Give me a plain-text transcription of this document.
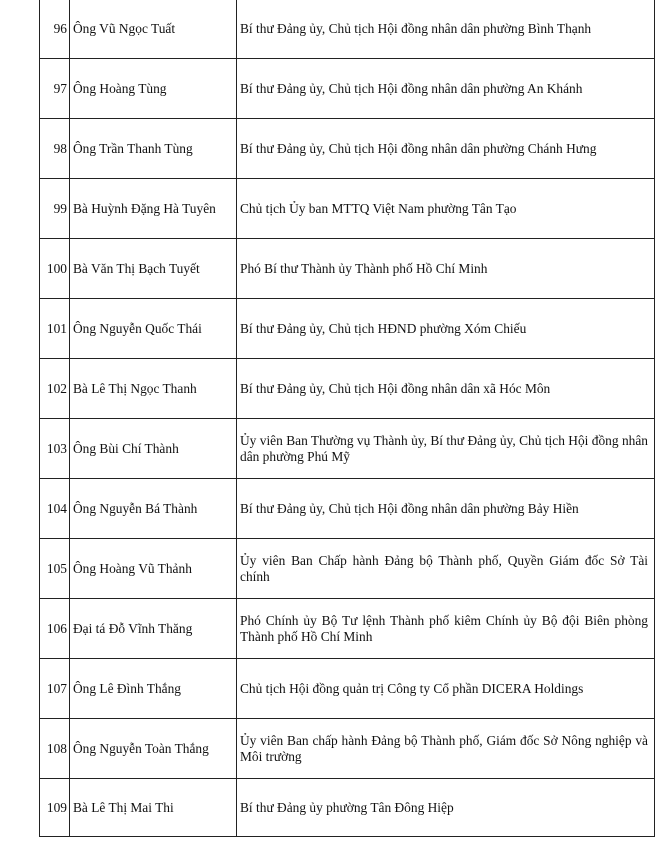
96	Ông Vũ Ngọc Tuất	Bí thư Đảng ủy, Chủ tịch Hội đồng nhân dân phường Bình Thạnh
97	Ông Hoàng Tùng	Bí thư Đảng ủy, Chủ tịch Hội đồng nhân dân phường An Khánh
98	Ông Trần Thanh Tùng	Bí thư Đảng ủy, Chủ tịch Hội đồng nhân dân phường Chánh Hưng
99	Bà Huỳnh Đặng Hà Tuyên	Chủ tịch Ủy ban MTTQ Việt Nam phường Tân Tạo
100	Bà Văn Thị Bạch Tuyết	Phó Bí thư Thành ủy Thành phố Hồ Chí Minh
101	Ông Nguyễn Quốc Thái	Bí thư Đảng ủy, Chủ tịch HĐND phường Xóm Chiếu
102	Bà Lê Thị Ngọc Thanh	Bí thư Đảng ủy, Chủ tịch Hội đồng nhân dân xã Hóc Môn
103	Ông Bùi Chí Thành	Ủy viên Ban Thường vụ Thành ủy, Bí thư Đảng ủy, Chủ tịch Hội đồng nhân dân phường Phú Mỹ
104	Ông Nguyễn Bá Thành	Bí thư Đảng ủy, Chủ tịch Hội đồng nhân dân phường Bảy Hiền
105	Ông Hoàng Vũ Thảnh	Ủy viên Ban Chấp hành Đảng bộ Thành phố, Quyền Giám đốc Sở Tài chính
106	Đại tá Đỗ Vĩnh Thăng	Phó Chính ủy Bộ Tư lệnh Thành phố kiêm Chính ủy Bộ đội Biên phòng Thành phố Hồ Chí Minh
107	Ông Lê Đình Thắng	Chủ tịch Hội đồng quản trị Công ty Cổ phần DICERA Holdings
108	Ông Nguyễn Toàn Thắng	Ủy viên Ban chấp hành Đảng bộ Thành phố, Giám đốc Sở Nông nghiệp và Môi trường
109	Bà Lê Thị Mai Thi	Bí thư Đảng ủy phường Tân Đông Hiệp
